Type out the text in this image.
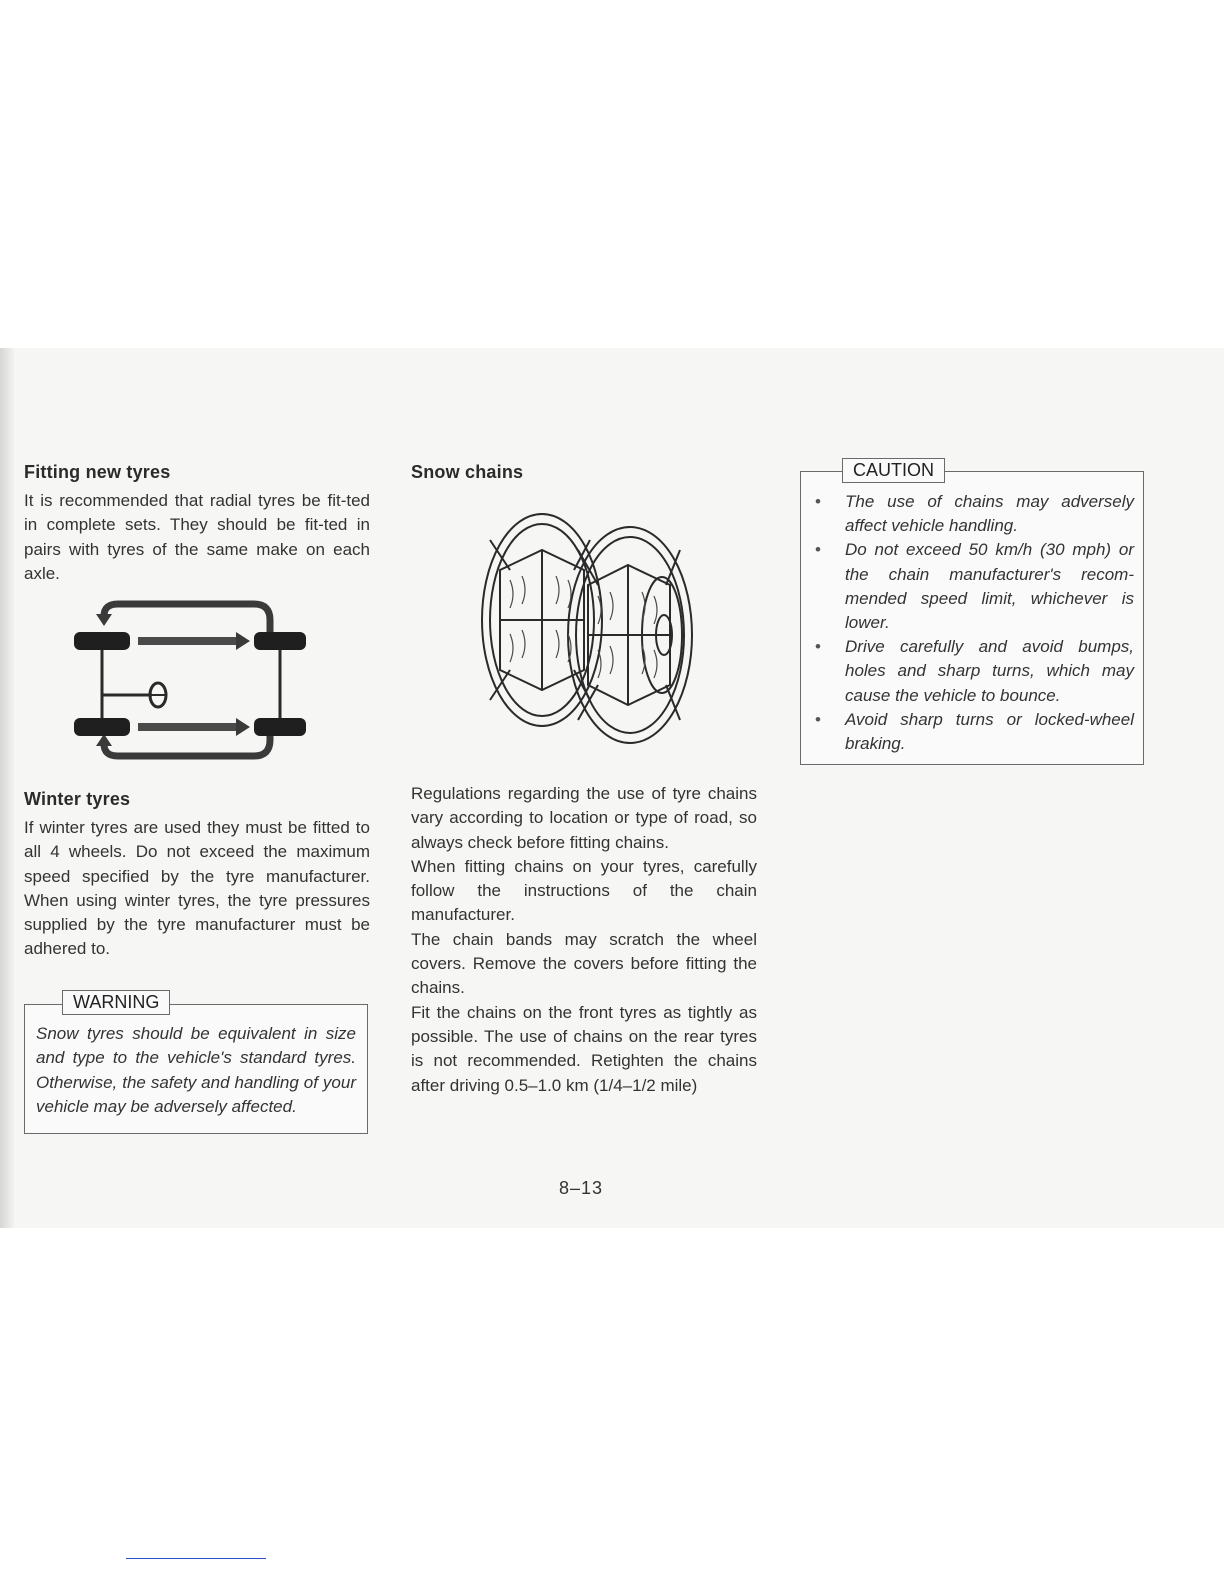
Fitting new tyres

It is recommended that radial tyres be fit-ted in complete sets. They should be fit-ted in pairs with tyres of the same make on each axle.

Winter tyres

If winter tyres are used they must be fitted to all 4 wheels. Do not exceed the maximum speed specified by the tyre manufacturer. When using winter tyres, the tyre pressures supplied by the tyre manufacturer must be adhered to.

WARNING

Snow tyres should be equivalent in size and type to the vehicle's standard tyres. Otherwise, the safety and handling of your vehicle may be adversely affected.

Snow chains

Regulations regarding the use of tyre chains vary according to location or type of road, so always check before fitting chains.

When fitting chains on your tyres, carefully follow the instructions of the chain manufacturer.

The chain bands may scratch the wheel covers. Remove the covers before fitting the chains.

Fit the chains on the front tyres as tightly as possible. The use of chains on the rear tyres is not recommended. Retighten the chains after driving 0.5–1.0 km (1/4–1/2 mile)

CAUTION
• The use of chains may adversely affect vehicle handling.
• Do not exceed 50 km/h (30 mph) or the chain manufacturer's recom-mended speed limit, whichever is lower.
• Drive carefully and avoid bumps, holes and sharp turns, which may cause the vehicle to bounce.
• Avoid sharp turns or locked-wheel braking.
8–13
